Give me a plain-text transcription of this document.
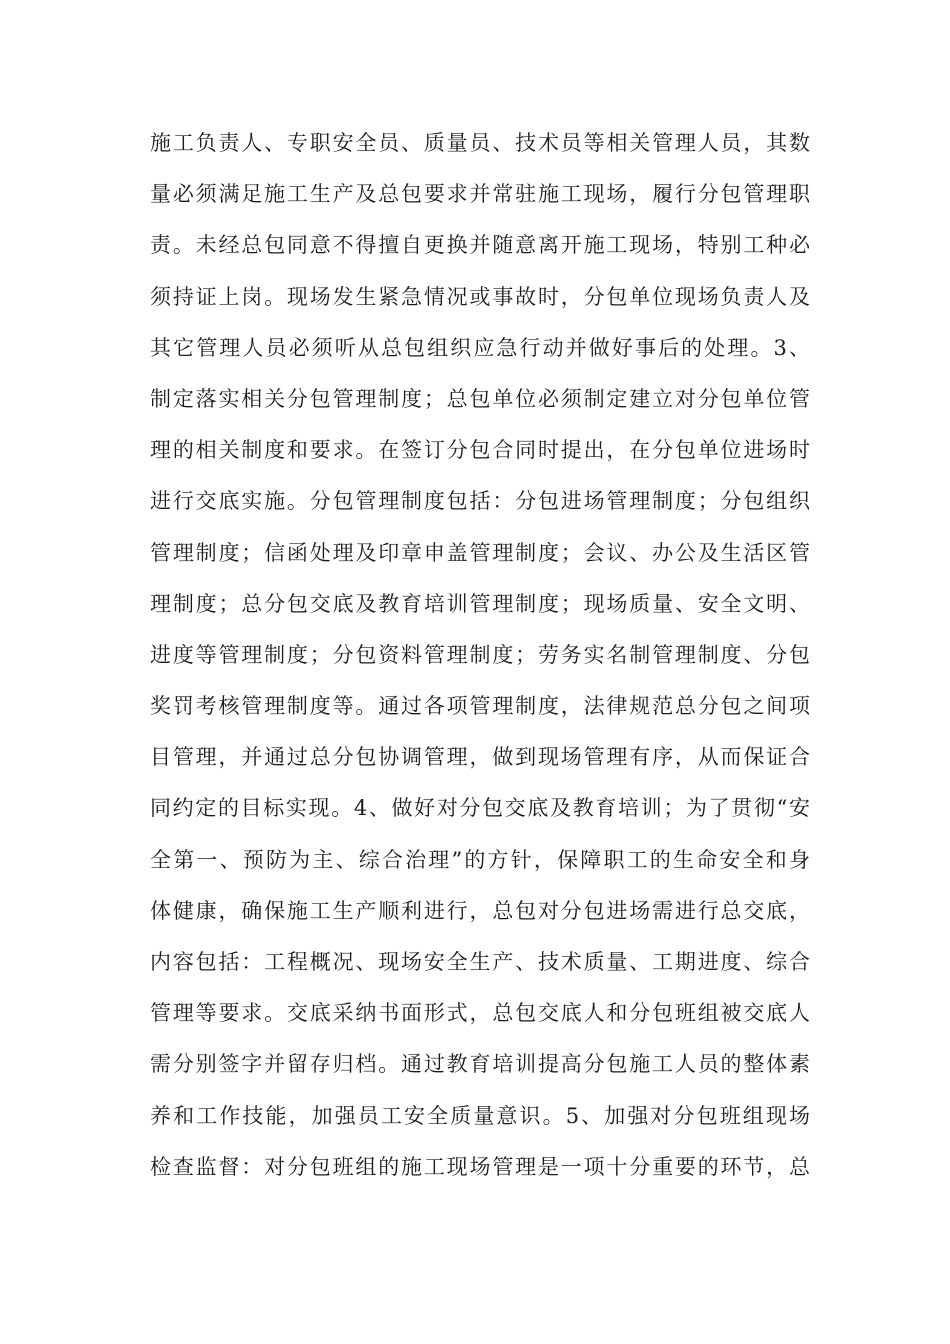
施工负责人、专职安全员、质量员、技术员等相关管理人员，其数
量必须满足施工生产及总包要求并常驻施工现场，履行分包管理职
责。未经总包同意不得擅自更换并随意离开施工现场，特别工种必
须持证上岗。现场发生紧急情况或事故时，分包单位现场负责人及
其它管理人员必须听从总包组织应急行动并做好事后的处理。3、
制定落实相关分包管理制度；总包单位必须制定建立对分包单位管
理的相关制度和要求。在签订分包合同时提出，在分包单位进场时
进行交底实施。分包管理制度包括：分包进场管理制度；分包组织
管理制度；信函处理及印章申盖管理制度；会议、办公及生活区管
理制度；总分包交底及教育培训管理制度；现场质量、安全文明、
进度等管理制度；分包资料管理制度；劳务实名制管理制度、分包
奖罚考核管理制度等。通过各项管理制度，法律规范总分包之间项
目管理，并通过总分包协调管理，做到现场管理有序，从而保证合
同约定的目标实现。4、做好对分包交底及教育培训；为了贯彻“安
全第一、预防为主、综合治理”的方针，保障职工的生命安全和身
体健康，确保施工生产顺利进行，总包对分包进场需进行总交底，
内容包括：工程概况、现场安全生产、技术质量、工期进度、综合
管理等要求。交底采纳书面形式，总包交底人和分包班组被交底人
需分别签字并留存归档。通过教育培训提高分包施工人员的整体素
养和工作技能，加强员工安全质量意识。5、加强对分包班组现场
检查监督：对分包班组的施工现场管理是一项十分重要的环节，总
